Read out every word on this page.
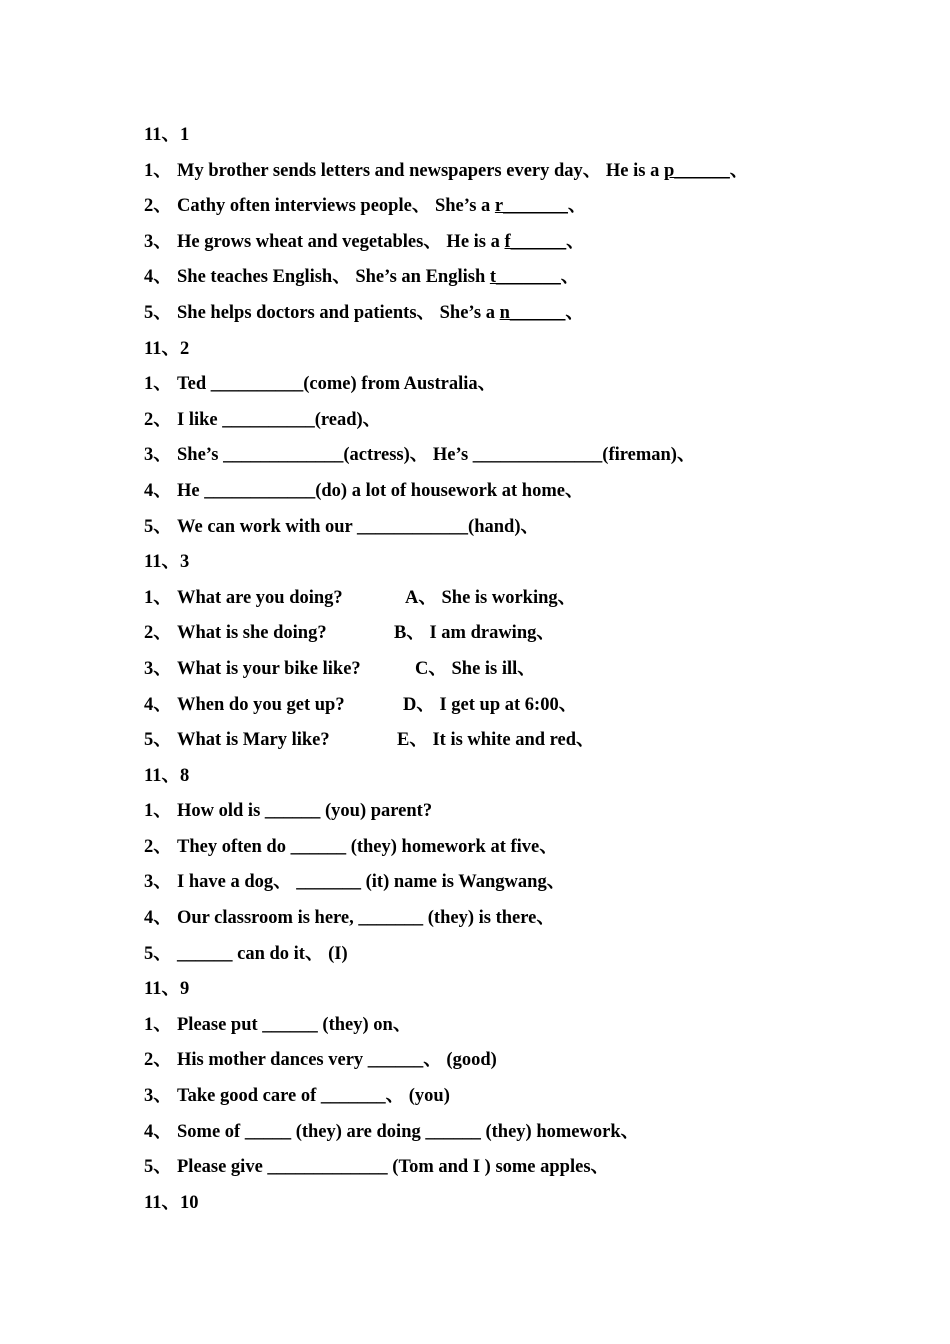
11、1
1、 My brother sends letters and newspapers every day、 He is a p______、
2、 Cathy often interviews people、 She’s a r_______、
3、 He grows wheat and vegetables、 He is a f______、
4、 She teaches English、 She’s an English t_______、
5、 She helps doctors and patients、 She’s a n______、
11、2
1、 Ted __________(come) from Australia、
2、 I like __________(read)、
3、 She’s _____________(actress)、 He’s ______________(fireman)、
4、 He ____________(do) a lot of housework at home、
5、 We can work with our ____________(hand)、
11、3
1、 What are you doing?	A、 She is working、
2、 What is she doing?	B、 I am drawing、
3、 What is your bike like?	C、 She is ill、
4、 When do you get up?	D、 I get up at 6:00、
5、 What is Mary like?	E、 It is white and red、
11、8
1、 How old is ______ (you) parent?
2、 They often do ______ (they) homework at five、
3、 I have a dog、 _______ (it) name is Wangwang、
4、 Our classroom is here, _______ (they) is there、
5、 ______ can do it、 (I)
11、9
1、 Please put ______ (they) on、
2、 His mother dances very ______、 (good)
3、 Take good care of _______、 (you)
4、 Some of _____ (they) are doing ______ (they) homework、
5、 Please give _____________ (Tom and I ) some apples、
11、10
